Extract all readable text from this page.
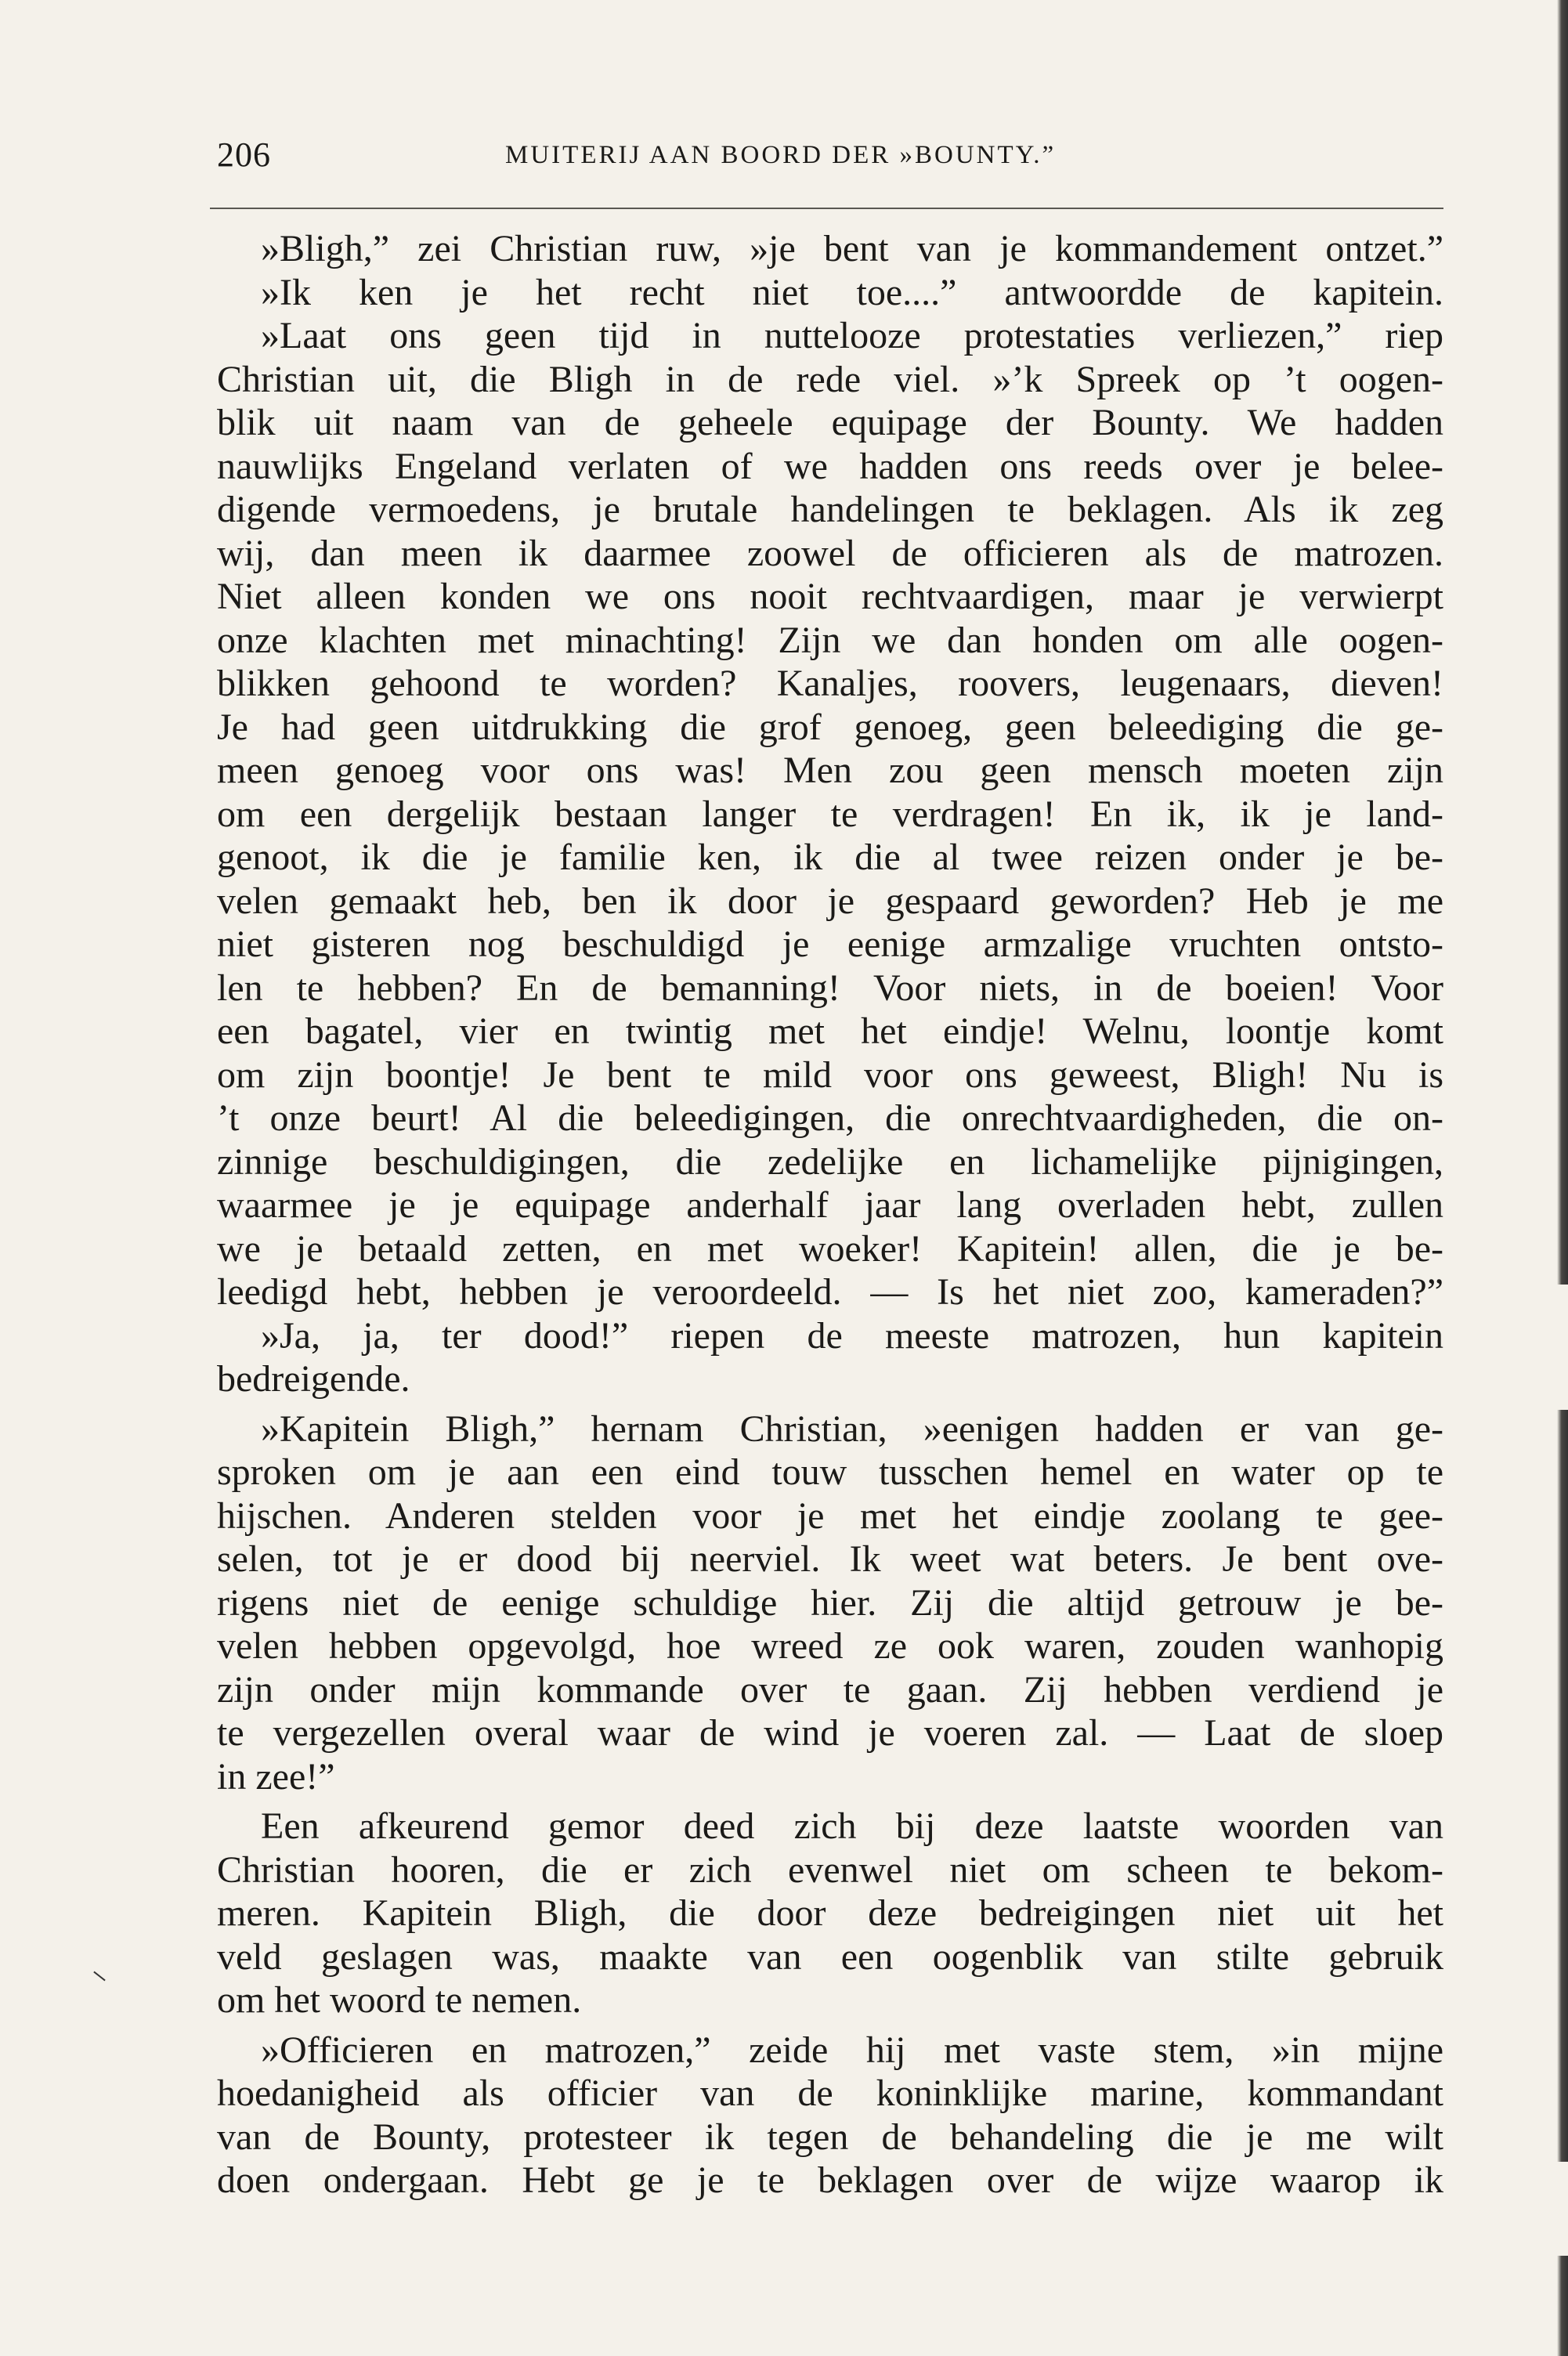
206	MUITERIJ AAN BOORD DER »BOUNTY.”
»Bligh,” zei Christian ruw, »je bent van je kommandement ontzet.”
»Ik ken je het recht niet toe....” antwoordde de kapitein.
»Laat ons geen tijd in nuttelooze protestaties verliezen,” riep
Christian uit, die Bligh in de rede viel. »’k Spreek op ’t oogen-
blik uit naam van de geheele equipage der Bounty. We hadden
nauwlijks Engeland verlaten of we hadden ons reeds over je belee-
digende vermoedens, je brutale handelingen te beklagen. Als ik zeg
wij, dan meen ik daarmee zoowel de officieren als de matrozen.
Niet alleen konden we ons nooit rechtvaardigen, maar je verwierpt
onze klachten met minachting! Zijn we dan honden om alle oogen-
blikken gehoond te worden? Kanaljes, roovers, leugenaars, dieven!
Je had geen uitdrukking die grof genoeg, geen beleediging die ge-
meen genoeg voor ons was! Men zou geen mensch moeten zijn
om een dergelijk bestaan langer te verdragen! En ik, ik je land-
genoot, ik die je familie ken, ik die al twee reizen onder je be-
velen gemaakt heb, ben ik door je gespaard geworden? Heb je me
niet gisteren nog beschuldigd je eenige armzalige vruchten ontsto-
len te hebben? En de bemanning! Voor niets, in de boeien! Voor
een bagatel, vier en twintig met het eindje! Welnu, loontje komt
om zijn boontje! Je bent te mild voor ons geweest, Bligh! Nu is
’t onze beurt! Al die beleedigingen, die onrechtvaardigheden, die on-
zinnige beschuldigingen, die zedelijke en lichamelijke pijnigingen,
waarmee je je equipage anderhalf jaar lang overladen hebt, zullen
we je betaald zetten, en met woeker! Kapitein! allen, die je be-
leedigd hebt, hebben je veroordeeld. — Is het niet zoo, kameraden?”
»Ja, ja, ter dood!” riepen de meeste matrozen, hun kapitein
bedreigende.
»Kapitein Bligh,” hernam Christian, »eenigen hadden er van ge-
sproken om je aan een eind touw tusschen hemel en water op te
hijschen. Anderen stelden voor je met het eindje zoolang te gee-
selen, tot je er dood bij neerviel. Ik weet wat beters. Je bent ove-
rigens niet de eenige schuldige hier. Zij die altijd getrouw je be-
velen hebben opgevolgd, hoe wreed ze ook waren, zouden wanhopig
zijn onder mijn kommande over te gaan. Zij hebben verdiend je
te vergezellen overal waar de wind je voeren zal. — Laat de sloep
in zee!”
Een afkeurend gemor deed zich bij deze laatste woorden van
Christian hooren, die er zich evenwel niet om scheen te bekom-
meren. Kapitein Bligh, die door deze bedreigingen niet uit het
veld geslagen was, maakte van een oogenblik van stilte gebruik
om het woord te nemen.
»Officieren en matrozen,” zeide hij met vaste stem, »in mijne
hoedanigheid als officier van de koninklijke marine, kommandant
van de Bounty, protesteer ik tegen de behandeling die je me wilt
doen ondergaan. Hebt ge je te beklagen over de wijze waarop ik
